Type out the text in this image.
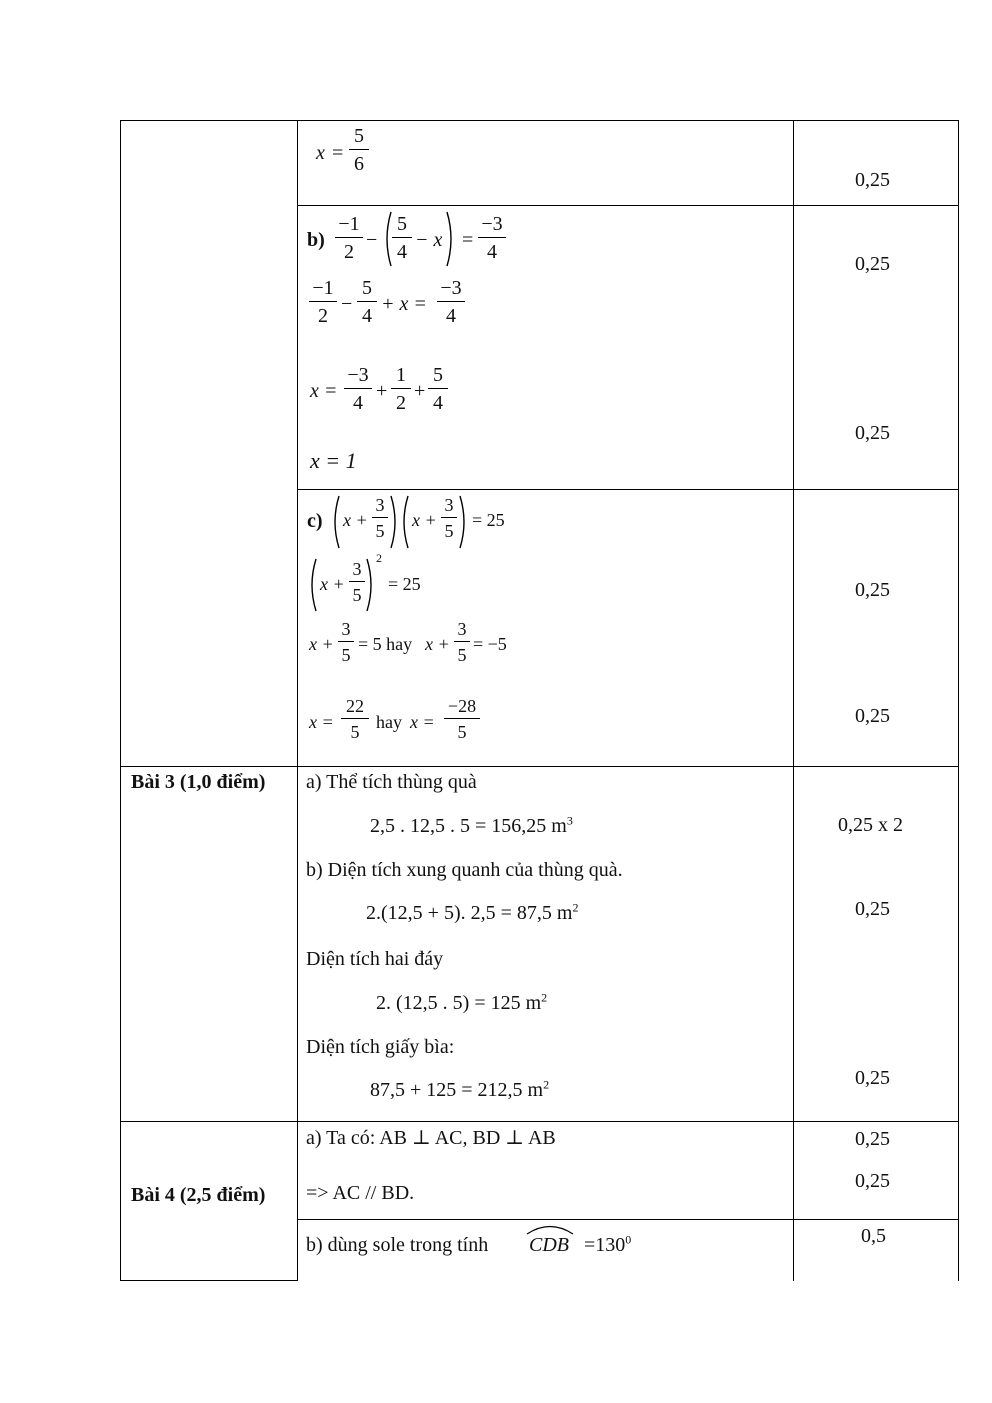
x =
5
6
0,25
b)
−1
2
−
5
4
− x =
−3
4
−1
2
−
5
4
+ x =
−3
4
x =
−3
4
+
1
2
+
5
4
x = 1
0,25
0,25
c) x +
3
5
x +
3
5
= 25
x +
3
5
2
= 25
x +
3
5
= 5 hay x +
3
5
= −5
x =
22
5 hay x =
−28
5
0,25
0,25
Bài 3 (1,0 điểm) a) Thể tích thùng quà
2,5 . 12,5 . 5 = 156,25 $m^3$
b) Diện tích xung quanh của thùng quà.
2.(12,5 + 5). 2,5 = 87,5 $m^2$
Diện tích hai đáy
2. (12,5 . 5) = 125 $m^2$
Diện tích giấy bìa:
87,5 + 125 = 212,5 $m^2$
0,25 x 2
0,25
0,25
Bài 4 (2,5 điểm)
a) Ta có: AB ⊥ AC, BD ⊥ AB
=> AC // BD.
0,25
0,25
b) dùng sole trong tính CDB $=130^0$	0,5
